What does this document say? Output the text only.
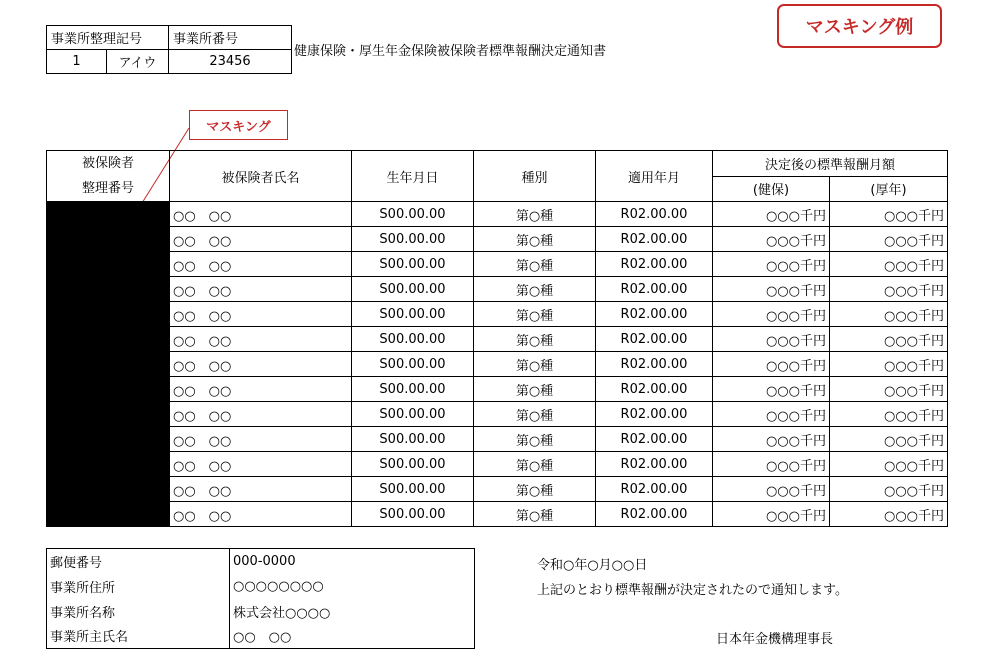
事業所整理記号		事業所番号
1	アイウ	23456
健康保険・厚生年金保険被保険者標準報酬決定通知書
マスキング例
マスキング
被保険者
整理番号	被保険者氏名	生年月日	種別	適用年月	決定後の標準報酬月額	
					(健保)	(厚年)
	○○　○○	S00.00.00	第○種	R02.00.00	○○○千円	○○○千円
	○○　○○	S00.00.00	第○種	R02.00.00	○○○千円	○○○千円
	○○　○○	S00.00.00	第○種	R02.00.00	○○○千円	○○○千円
	○○　○○	S00.00.00	第○種	R02.00.00	○○○千円	○○○千円
	○○　○○	S00.00.00	第○種	R02.00.00	○○○千円	○○○千円
	○○　○○	S00.00.00	第○種	R02.00.00	○○○千円	○○○千円
	○○　○○	S00.00.00	第○種	R02.00.00	○○○千円	○○○千円
	○○　○○	S00.00.00	第○種	R02.00.00	○○○千円	○○○千円
	○○　○○	S00.00.00	第○種	R02.00.00	○○○千円	○○○千円
	○○　○○	S00.00.00	第○種	R02.00.00	○○○千円	○○○千円
	○○　○○	S00.00.00	第○種	R02.00.00	○○○千円	○○○千円
	○○　○○	S00.00.00	第○種	R02.00.00	○○○千円	○○○千円
	○○　○○	S00.00.00	第○種	R02.00.00	○○○千円	○○○千円
郵便番号	000-0000
事業所住所	○○○○○○○○
事業所名称	株式会社○○○○
事業所主氏名	○○　○○
令和○年○月○○日
上記のとおり標準報酬が決定されたので通知します。
日本年金機構理事長
